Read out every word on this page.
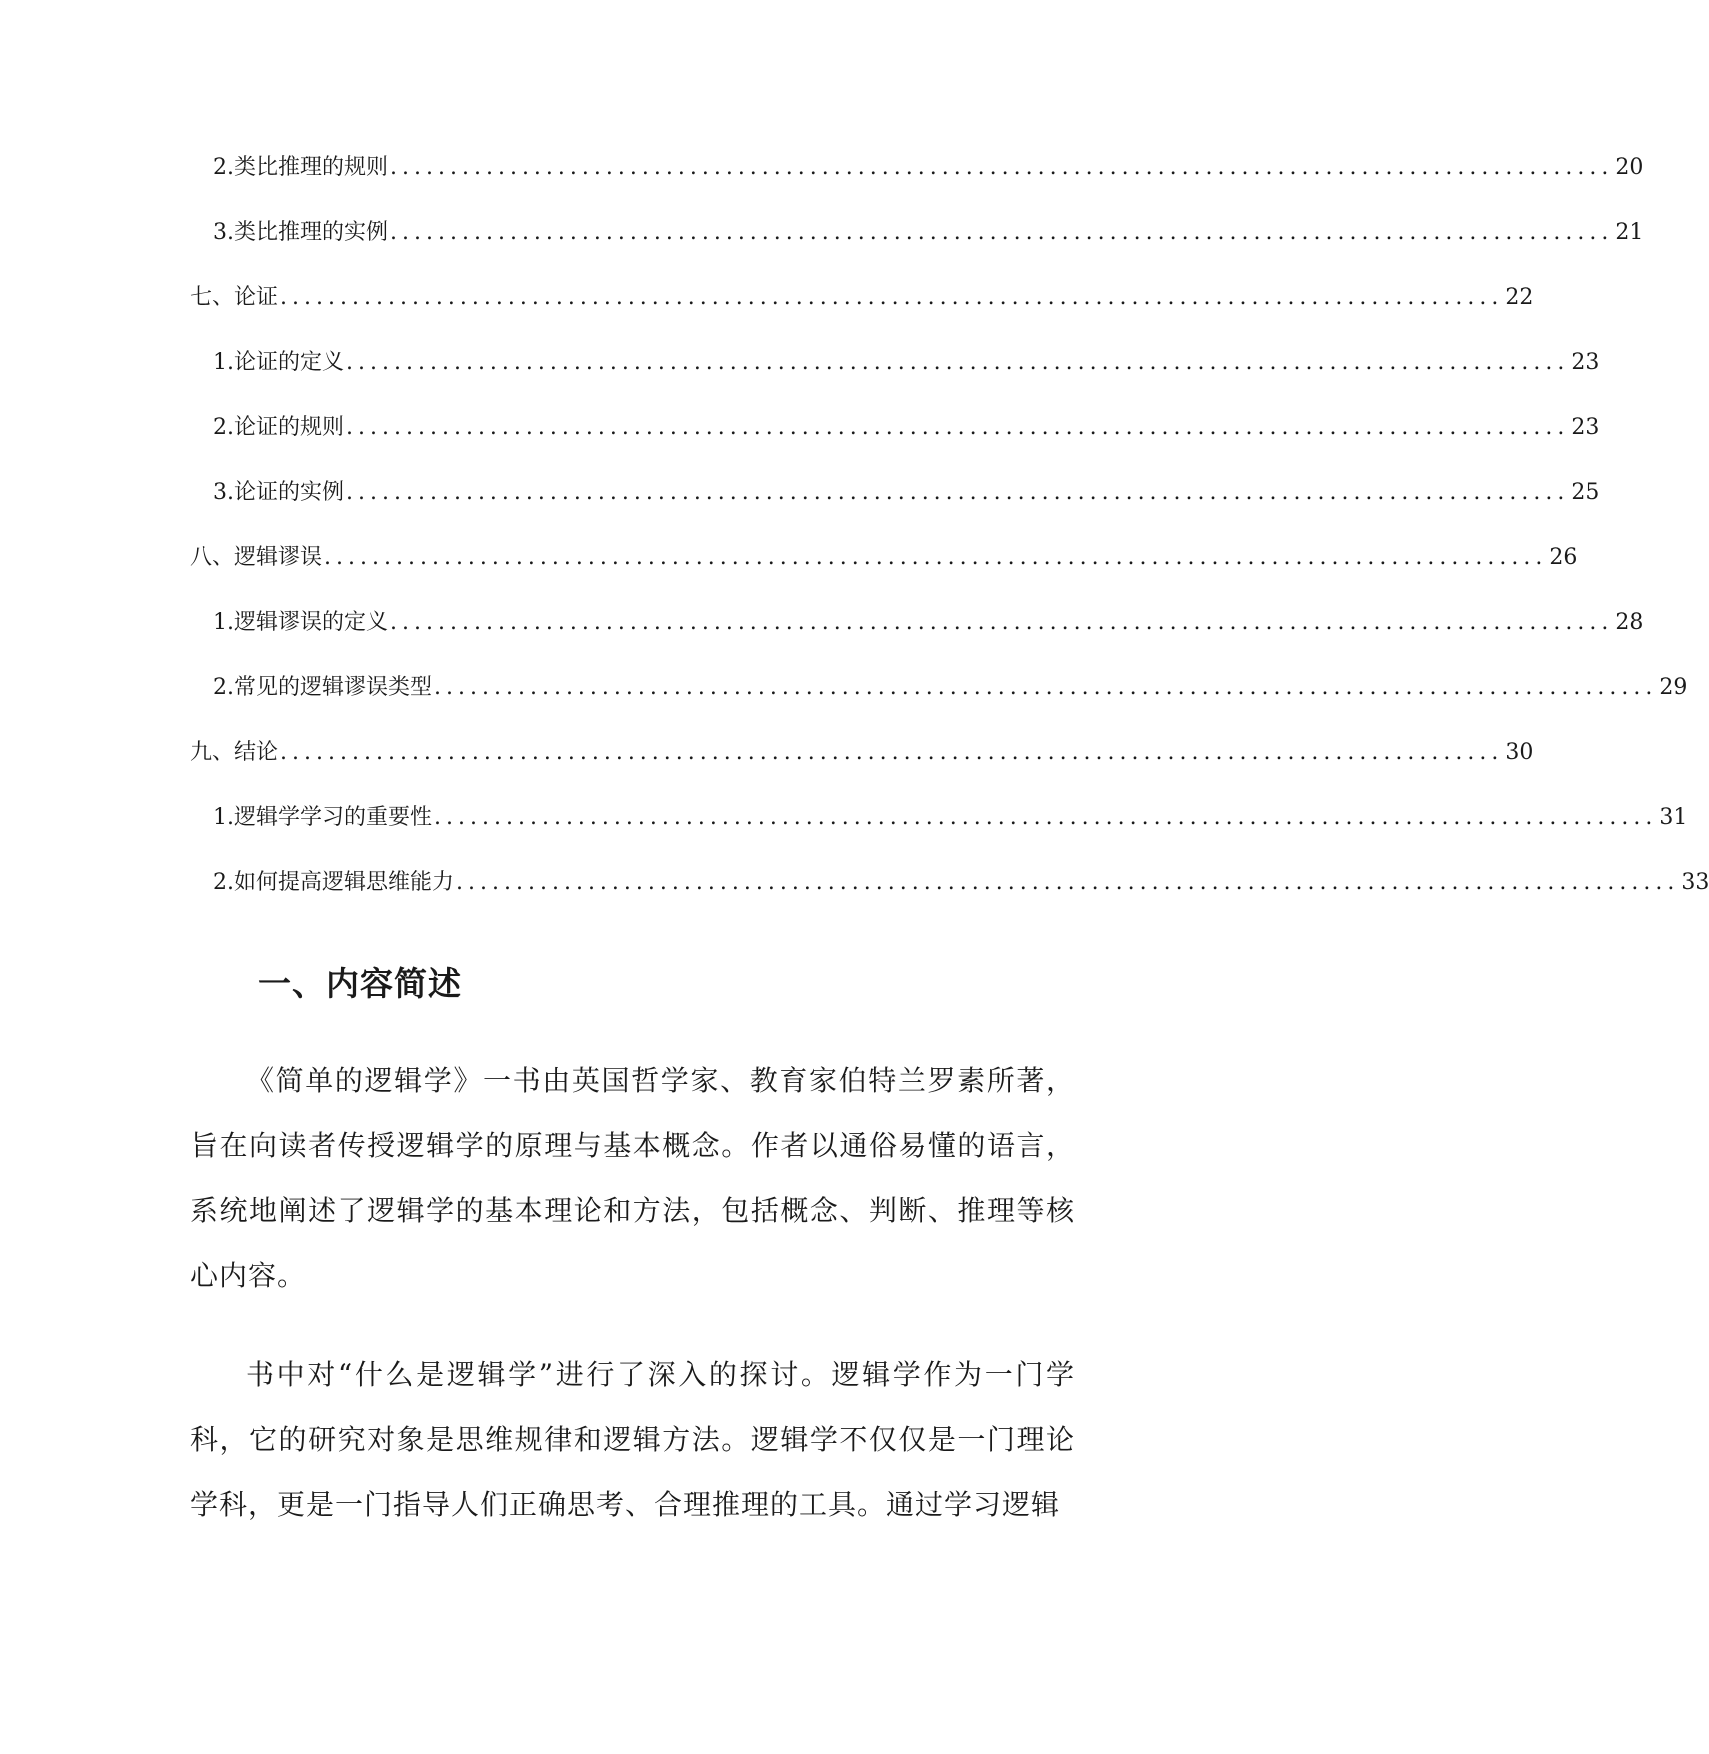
2. 类比推理的规则 ...................................................................................................... 20
3. 类比推理的实例 ...................................................................................................... 21
七、论证 ...................................................................................................... 22
1. 论证的定义 ...................................................................................................... 23
2. 论证的规则 ...................................................................................................... 23
3. 论证的实例 ...................................................................................................... 25
八、逻辑谬误 ...................................................................................................... 26
1. 逻辑谬误的定义 ...................................................................................................... 28
2. 常见的逻辑谬误类型 ...................................................................................................... 29
九、结论 ...................................................................................................... 30
1. 逻辑学学习的重要性 ...................................................................................................... 31
2. 如何提高逻辑思维能力 ...................................................................................................... 33
一、内容简述

《简单的逻辑学》一书由英国哲学家、教育家伯特兰罗素所著，旨在向读者传授逻辑学的原理与基本概念。作者以通俗易懂的语言，系统地阐述了逻辑学的基本理论和方法，包括概念、判断、推理等核心内容。

书中对“什么是逻辑学”进行了深入的探讨。逻辑学作为一门学科，它的研究对象是思维规律和逻辑方法。逻辑学不仅仅是一门理论学科，更是一门指导人们正确思考、合理推理的工具。通过学习逻辑
